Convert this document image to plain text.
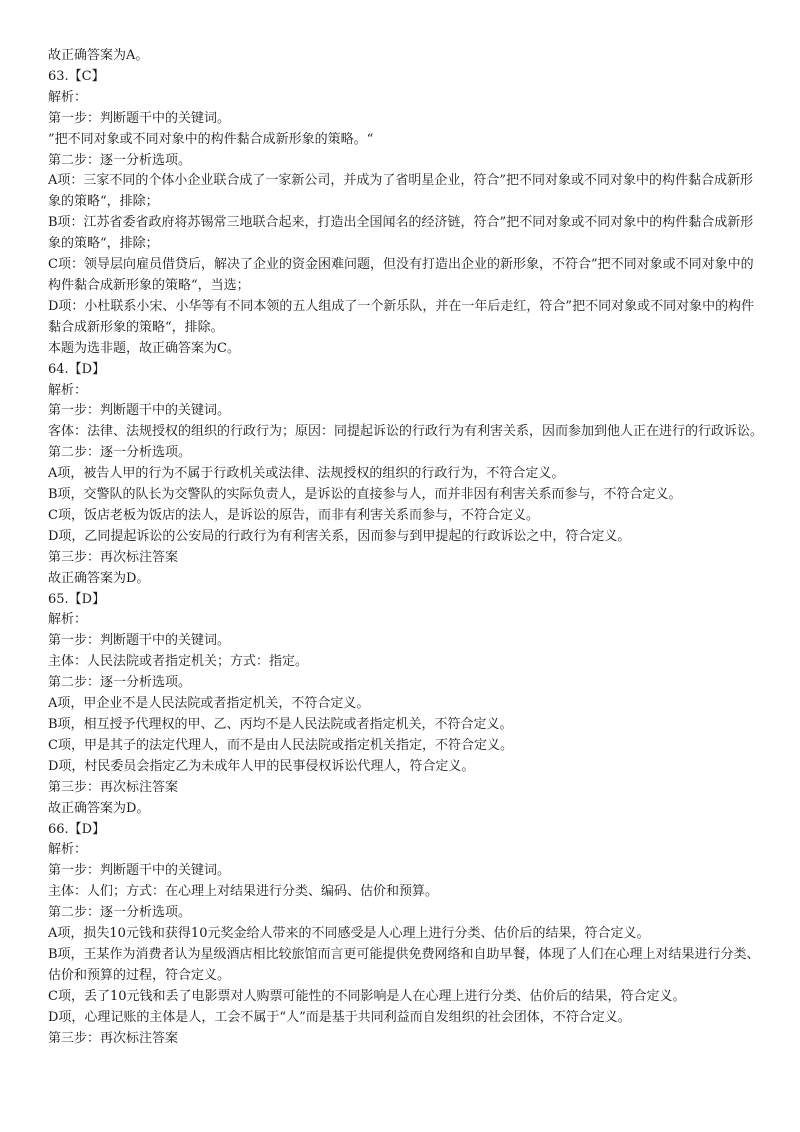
故正确答案为A。
63.【C】
解析：
第一步：判断题干中的关键词。
”把不同对象或不同对象中的构件黏合成新形象的策略。“
第二步：逐一分析选项。
A项：三家不同的个体小企业联合成了一家新公司，并成为了省明星企业，符合”把不同对象或不同对象中的构件黏合成新形象的策略“，排除；
B项：江苏省委省政府将苏锡常三地联合起来，打造出全国闻名的经济链，符合”把不同对象或不同对象中的构件黏合成新形象的策略“，排除；
C项：领导层向雇员借贷后，解决了企业的资金困难问题，但没有打造出企业的新形象，不符合”把不同对象或不同对象中的构件黏合成新形象的策略“，当选；
D项：小杜联系小宋、小华等有不同本领的五人组成了一个新乐队，并在一年后走红，符合”把不同对象或不同对象中的构件黏合成新形象的策略“，排除。
本题为选非题，故正确答案为C。
64.【D】
解析：
第一步：判断题干中的关键词。
客体：法律、法规授权的组织的行政行为；原因：同提起诉讼的行政行为有利害关系，因而参加到他人正在进行的行政诉讼。
第二步：逐一分析选项。
A项，被告人甲的行为不属于行政机关或法律、法规授权的组织的行政行为，不符合定义。
B项，交警队的队长为交警队的实际负责人，是诉讼的直接参与人，而并非因有利害关系而参与，不符合定义。
C项，饭店老板为饭店的法人，是诉讼的原告，而非有利害关系而参与，不符合定义。
D项，乙同提起诉讼的公安局的行政行为有利害关系，因而参与到甲提起的行政诉讼之中，符合定义。
第三步：再次标注答案
故正确答案为D。
65.【D】
解析：
第一步：判断题干中的关键词。
主体：人民法院或者指定机关；方式：指定。
第二步：逐一分析选项。
A项，甲企业不是人民法院或者指定机关，不符合定义。
B项，相互授予代理权的甲、乙、丙均不是人民法院或者指定机关，不符合定义。
C项，甲是其子的法定代理人，而不是由人民法院或指定机关指定，不符合定义。
D项，村民委员会指定乙为未成年人甲的民事侵权诉讼代理人，符合定义。
第三步：再次标注答案
故正确答案为D。
66.【D】
解析：
第一步：判断题干中的关键词。
主体：人们；方式：在心理上对结果进行分类、编码、估价和预算。
第二步：逐一分析选项。
A项，损失10元钱和获得10元奖金给人带来的不同感受是人心理上进行分类、估价后的结果，符合定义。
B项，王某作为消费者认为星级酒店相比较旅馆而言更可能提供免费网络和自助早餐，体现了人们在心理上对结果进行分类、估价和预算的过程，符合定义。
C项，丢了10元钱和丢了电影票对人购票可能性的不同影响是人在心理上进行分类、估价后的结果，符合定义。
D项，心理记账的主体是人，工会不属于“人”而是基于共同利益而自发组织的社会团体，不符合定义。
第三步：再次标注答案
